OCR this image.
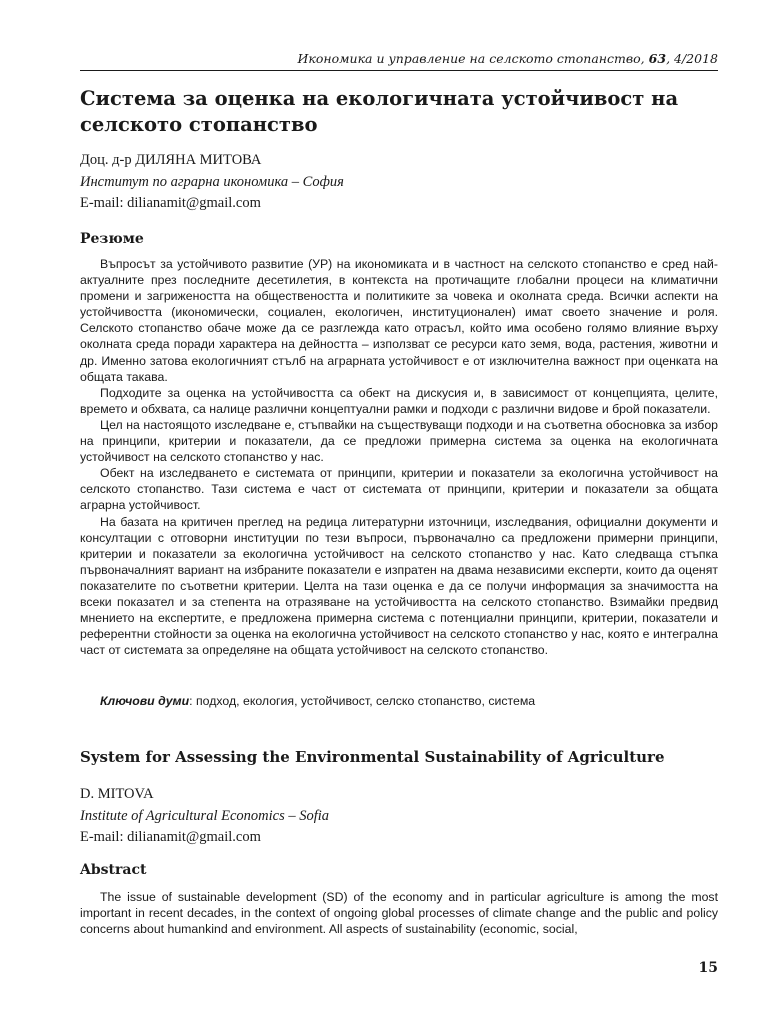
Икономика и управление на селското стопанство, 63, 4/2018
Система за оценка на екологичната устойчивост на селското стопанство
Доц. д-р ДИЛЯНА МИТОВА
Институт по аграрна икономика – София
E-mail: dilianamit@gmail.com
Резюме

Въпросът за устойчивото развитие (УР) на икономиката и в частност на селското стопанство е сред най-актуалните през последните десетилетия, в контекста на протичащите глобални процеси на климатични промени и загрижеността на обществеността и политиките за човека и околната среда. Всички аспекти на устойчивостта (икономически, социален, екологичен, институционален) имат своето значение и роля. Селското стопанство обаче може да се разглежда като отрасъл, който има особено голямо влияние върху околната среда поради характера на дейността – използват се ресурси като земя, вода, растения, животни и др. Именно затова екологичният стълб на аграрната устойчивост е от изключителна важност при оценката на общата такава.

Подходите за оценка на устойчивостта са обект на дискусия и, в зависимост от концепцията, целите, времето и обхвата, са налице различни концептуални рамки и подходи с различни видове и брой показатели.

Цел на настоящото изследване е, стъпвайки на съществуващи подходи и на съответна обосновка за избор на принципи, критерии и показатели, да се предложи примерна система за оценка на екологичната устойчивост на селското стопанство у нас.

Обект на изследването е системата от принципи, критерии и показатели за екологична устойчивост на селското стопанство. Тази система е част от системата от принципи, критерии и показатели за общата аграрна устойчивост.

На базата на критичен преглед на редица литературни източници, изследвания, официални документи и консултации с отговорни институции по тези въпроси, първоначално са предложени примерни принципи, критерии и показатели за екологична устойчивост на селското стопанство у нас. Като следваща стъпка първоначалният вариант на избраните показатели е изпратен на двама независими експерти, които да оценят показателите по съответни критерии. Целта на тази оценка е да се получи информация за значимостта на всеки показател и за степента на отразяване на устойчивостта на селското стопанство. Взимайки предвид мнението на експертите, е предложена примерна система с потенциални принципи, критерии, показатели и референтни стойности за оценка на екологична устойчивост на селското стопанство у нас, която е интегрална част от системата за определяне на общата устойчивост на селското стопанство.

Ключови думи: подход, екология, устойчивост, селско стопанство, система
System for Assessing the Environmental Sustainability of Agriculture
D. MITOVA
Institute of Agricultural Economics – Sofia
E-mail: dilianamit@gmail.com
Abstract

The issue of sustainable development (SD) of the economy and in particular agriculture is among the most important in recent decades, in the context of ongoing global processes of climate change and the public and policy concerns about humankind and environment. All aspects of sustainability (economic, social,

15
